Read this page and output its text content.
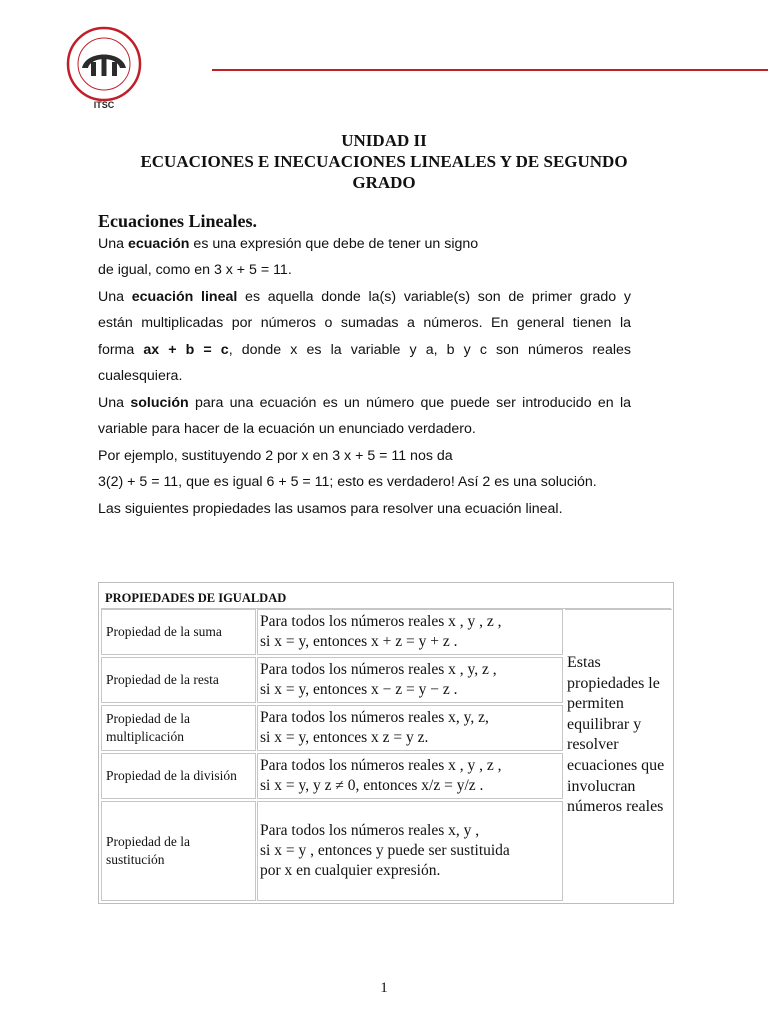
ITSC
UNIDAD II
ECUACIONES E INECUACIONES LINEALES Y DE SEGUNDO
GRADO
Ecuaciones Lineales.
Una ecuación es una expresión que debe de tener un signo
de igual, como en 3 x + 5 = 11.
Una ecuación lineal es aquella donde la(s) variable(s) son de primer grado y
están multiplicadas por números o sumadas a números. En general tienen la
forma ax + b = c, donde x es la variable y a, b y c son números reales
cualesquiera.
Una solución para una ecuación es un número que puede ser introducido en la
variable para hacer de la ecuación un enunciado verdadero.
Por ejemplo, sustituyendo 2 por x en 3 x + 5 = 11 nos da
3(2) + 5 = 11, que es igual 6 + 5 = 11; esto es verdadero! Así 2 es una solución.
Las siguientes propiedades las usamos para resolver una ecuación lineal.
PROPIEDADES DE IGUALDAD
Propiedad de la suma
Para todos los números reales x , y , z ,
si x = y, entonces x + z = y + z .
Propiedad de la resta
Para todos los números reales x , y, z ,
si x = y, entonces x − z = y − z .
Propiedad de la multiplicación
Para todos los números reales x, y, z,
si x = y, entonces x z = y z.
Propiedad de la división
Para todos los números reales x , y , z ,
si x = y, y z ≠ 0, entonces x/z = y/z .
Propiedad de la sustitución
Para todos los números reales x, y ,
si x = y , entonces y puede ser sustituida
por x en cualquier expresión.
Estas propiedades le permiten equilibrar y resolver ecuaciones que involucran números reales
1
